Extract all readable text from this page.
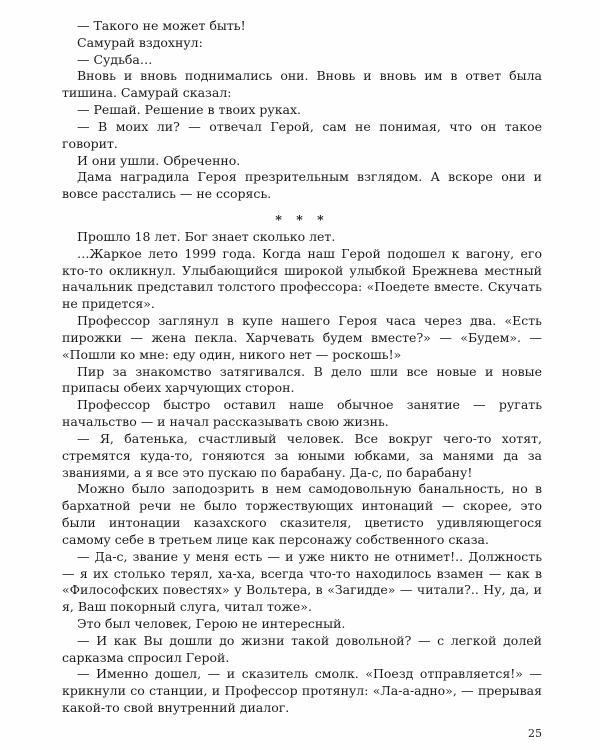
— Такого не может быть!

Самурай вздохнул:

— Судьба…

Вновь и вновь поднимались они. Вновь и вновь им в ответ была тишина. Самурай сказал:

— Решай. Решение в твоих руках.

— В моих ли? — отвечал Герой, сам не понимая, что он такое говорит.

И они ушли. Обреченно.

Дама наградила Героя презрительным взглядом. А вскоре они и вовсе расстались — не ссорясь.

* * *

Прошло 18 лет. Бог знает сколько лет.

…Жаркое лето 1999 года. Когда наш Герой подошел к вагону, его кто-то окликнул. Улыбающийся широкой улыбкой Брежнева местный начальник представил толстого профессора: «Поедете вместе. Скучать не придется».

Профессор заглянул в купе нашего Героя часа через два. «Есть пирожки — жена пекла. Харчевать будем вместе?» — «Будем». — «Пошли ко мне: еду один, никого нет — роскошь!»

Пир за знакомство затягивался. В дело шли все новые и новые припасы обеих харчующих сторон.

Профессор быстро оставил наше обычное занятие — ругать начальство — и начал рассказывать свою жизнь.

— Я, батенька, счастливый человек. Все вокруг чего-то хотят, стремятся куда-то, гоняются за юными юбками, за манями да за званиями, а я все это пускаю по барабану. Да-с, по барабану!

Можно было заподозрить в нем самодовольную банальность, но в бархатной речи не было торжествующих интонаций — скорее, это были интонации казахского сказителя, цветисто удивляющегося самому себе в третьем лице как персонажу собственного сказа.

— Да-с, звание у меня есть — и уже никто не отнимет!.. Должность — я их столько терял, ха-ха, всегда что-то находилось взамен — как в «Философских повестях» у Вольтера, в «Загидде» — читали?.. Ну, да, и я, Ваш покорный слуга, читал тоже».

Это был человек, Герою не интересный.

— И как Вы дошли до жизни такой довольной? — с легкой долей сарказма спросил Герой.

— Именно дошел, — и сказитель смолк. «Поезд отправляется!» — крикнули со станции, и Профессор протянул: «Ла-а-адно», — прерывая какой-то свой внутренний диалог.

25
